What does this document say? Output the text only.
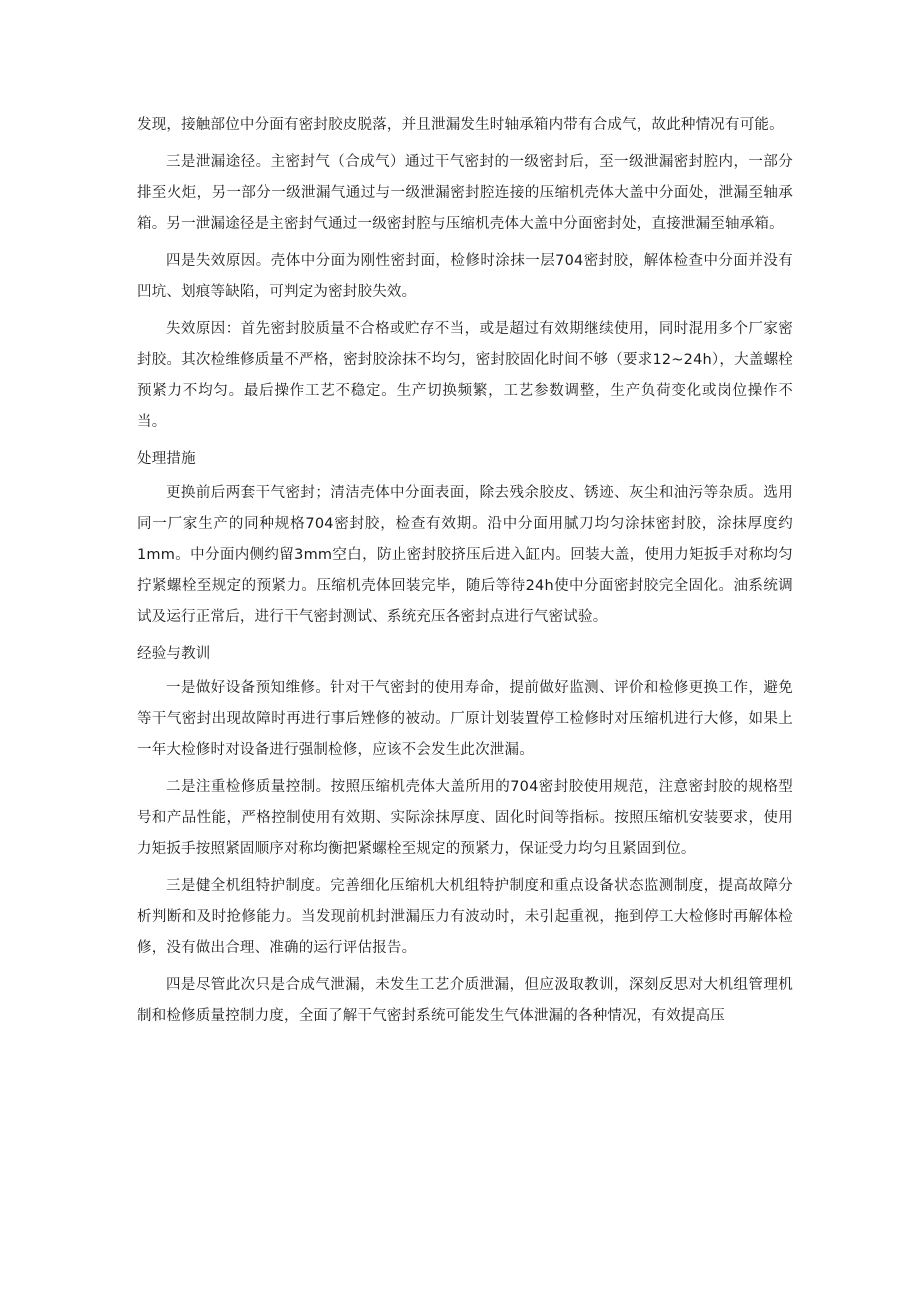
发现，接触部位中分面有密封胶皮脱落，并且泄漏发生时轴承箱内带有合成气，故此种情况有可能。

三是泄漏途径。主密封气（合成气）通过干气密封的一级密封后，至一级泄漏密封腔内，一部分排至火炬，另一部分一级泄漏气通过与一级泄漏密封腔连接的压缩机壳体大盖中分面处，泄漏至轴承箱。另一泄漏途径是主密封气通过一级密封腔与压缩机壳体大盖中分面密封处，直接泄漏至轴承箱。

四是失效原因。壳体中分面为刚性密封面，检修时涂抹一层704密封胶，解体检查中分面并没有凹坑、划痕等缺陷，可判定为密封胶失效。

失效原因：首先密封胶质量不合格或贮存不当，或是超过有效期继续使用，同时混用多个厂家密封胶。其次检维修质量不严格，密封胶涂抹不均匀，密封胶固化时间不够（要求12~24h），大盖螺栓预紧力不均匀。最后操作工艺不稳定。生产切换频繁，工艺参数调整，生产负荷变化或岗位操作不当。

处理措施

更换前后两套干气密封；清洁壳体中分面表面，除去残余胶皮、锈迹、灰尘和油污等杂质。选用同一厂家生产的同种规格704密封胶，检查有效期。沿中分面用腻刀均匀涂抹密封胶，涂抹厚度约1mm。中分面内侧约留3mm空白，防止密封胶挤压后进入缸内。回装大盖，使用力矩扳手对称均匀拧紧螺栓至规定的预紧力。压缩机壳体回装完毕，随后等待24h使中分面密封胶完全固化。油系统调试及运行正常后，进行干气密封测试、系统充压各密封点进行气密试验。

经验与教训

一是做好设备预知维修。针对干气密封的使用寿命，提前做好监测、评价和检修更换工作，避免等干气密封出现故障时再进行事后矬修的被动。厂原计划装置停工检修时对压缩机进行大修，如果上一年大检修时对设备进行强制检修，应该不会发生此次泄漏。

二是注重检修质量控制。按照压缩机壳体大盖所用的704密封胶使用规范，注意密封胶的规格型号和产品性能，严格控制使用有效期、实际涂抹厚度、固化时间等指标。按照压缩机安装要求，使用力矩扳手按照紧固顺序对称均衡把紧螺栓至规定的预紧力，保证受力均匀且紧固到位。

三是健全机组特护制度。完善细化压缩机大机组特护制度和重点设备状态监测制度，提高故障分析判断和及时抢修能力。当发现前机封泄漏压力有波动时，未引起重视，拖到停工大检修时再解体检修，没有做出合理、准确的运行评估报告。

四是尽管此次只是合成气泄漏，未发生工艺介质泄漏，但应汲取教训，深刻反思对大机组管理机制和检修质量控制力度，全面了解干气密封系统可能发生气体泄漏的各种情况，有效提高压
